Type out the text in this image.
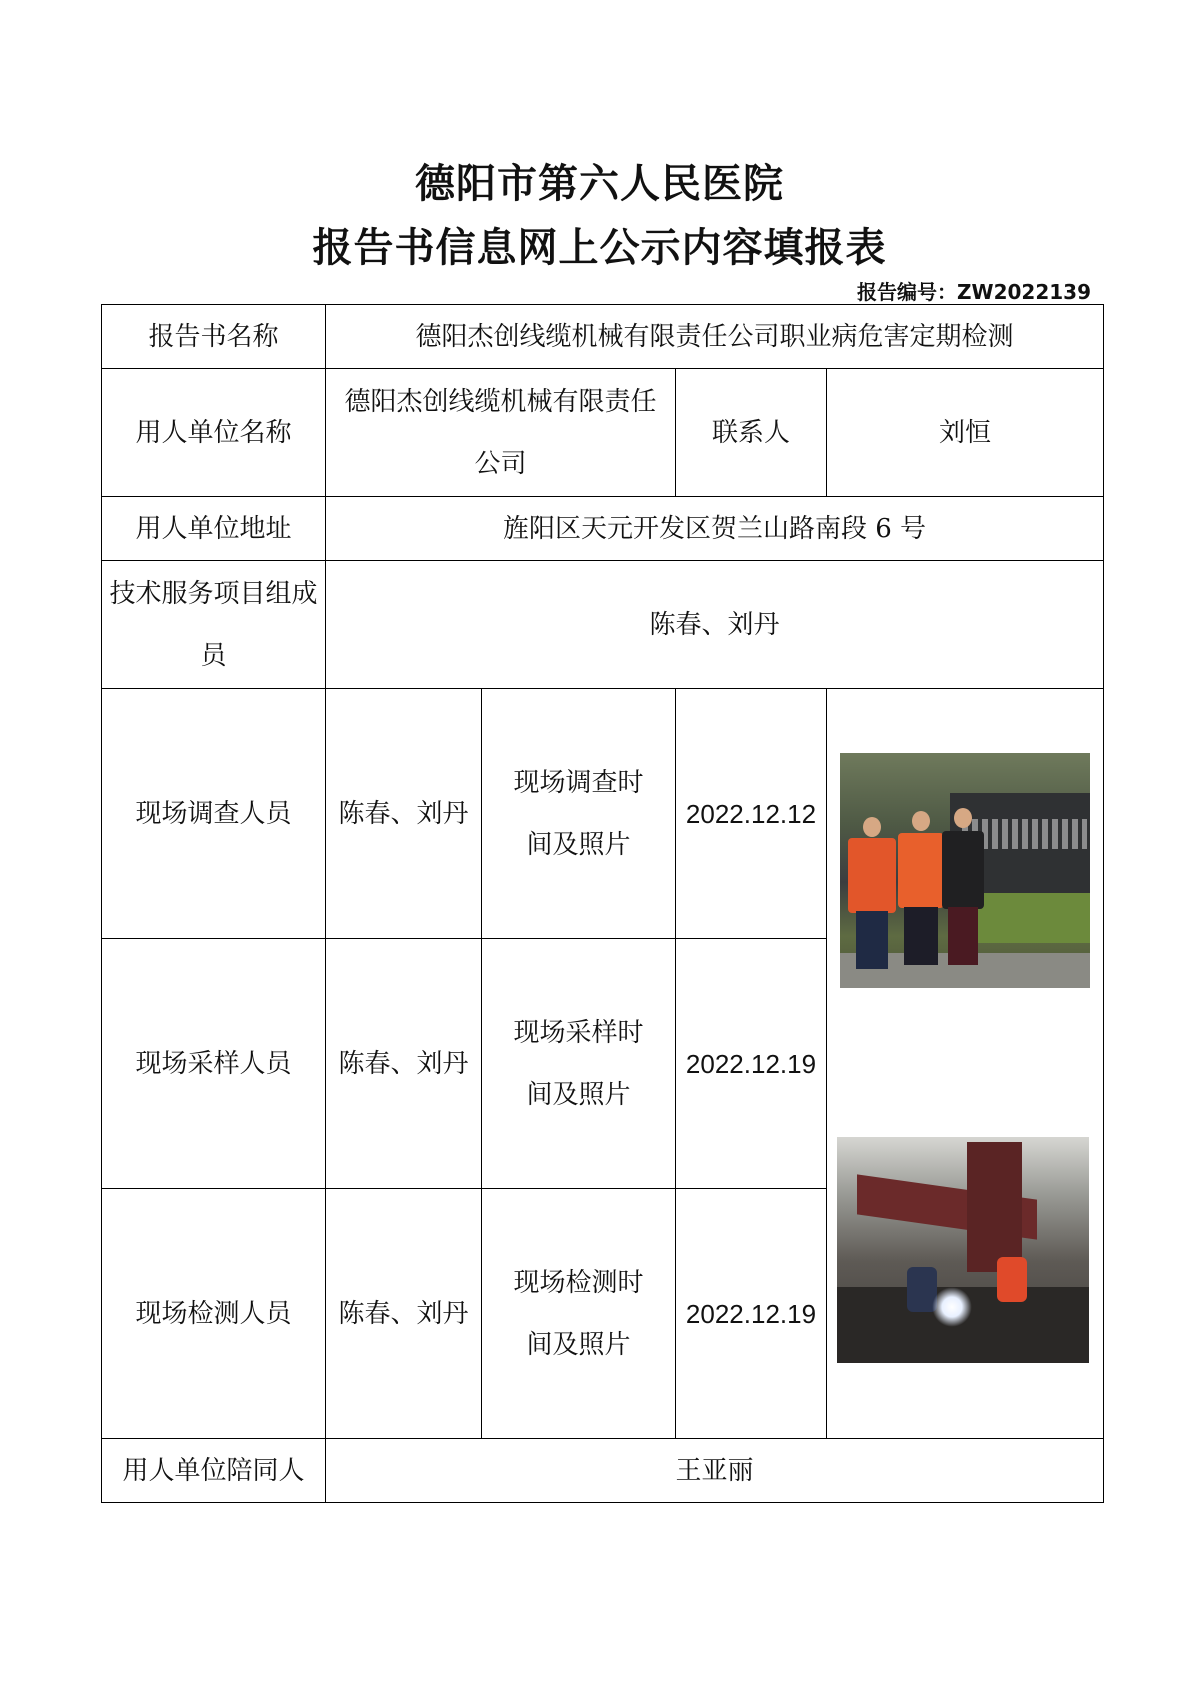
德阳市第六人民医院
报告书信息网上公示内容填报表
报告编号：ZW2022139
报告书名称	德阳杰创线缆机械有限责任公司职业病危害定期检测			
用人单位名称	德阳杰创线缆机械有限责任公司		联系人	刘恒
用人单位地址	旌阳区天元开发区贺兰山路南段 6 号			
技术服务项目组成员	陈春、刘丹			
现场调查人员	陈春、刘丹	现场调查时间及照片	2022.12.12	
现场采样人员	陈春、刘丹	现场采样时间及照片	2022.12.19	
现场检测人员	陈春、刘丹	现场检测时间及照片	2022.12.19	
用人单位陪同人	王亚丽			
